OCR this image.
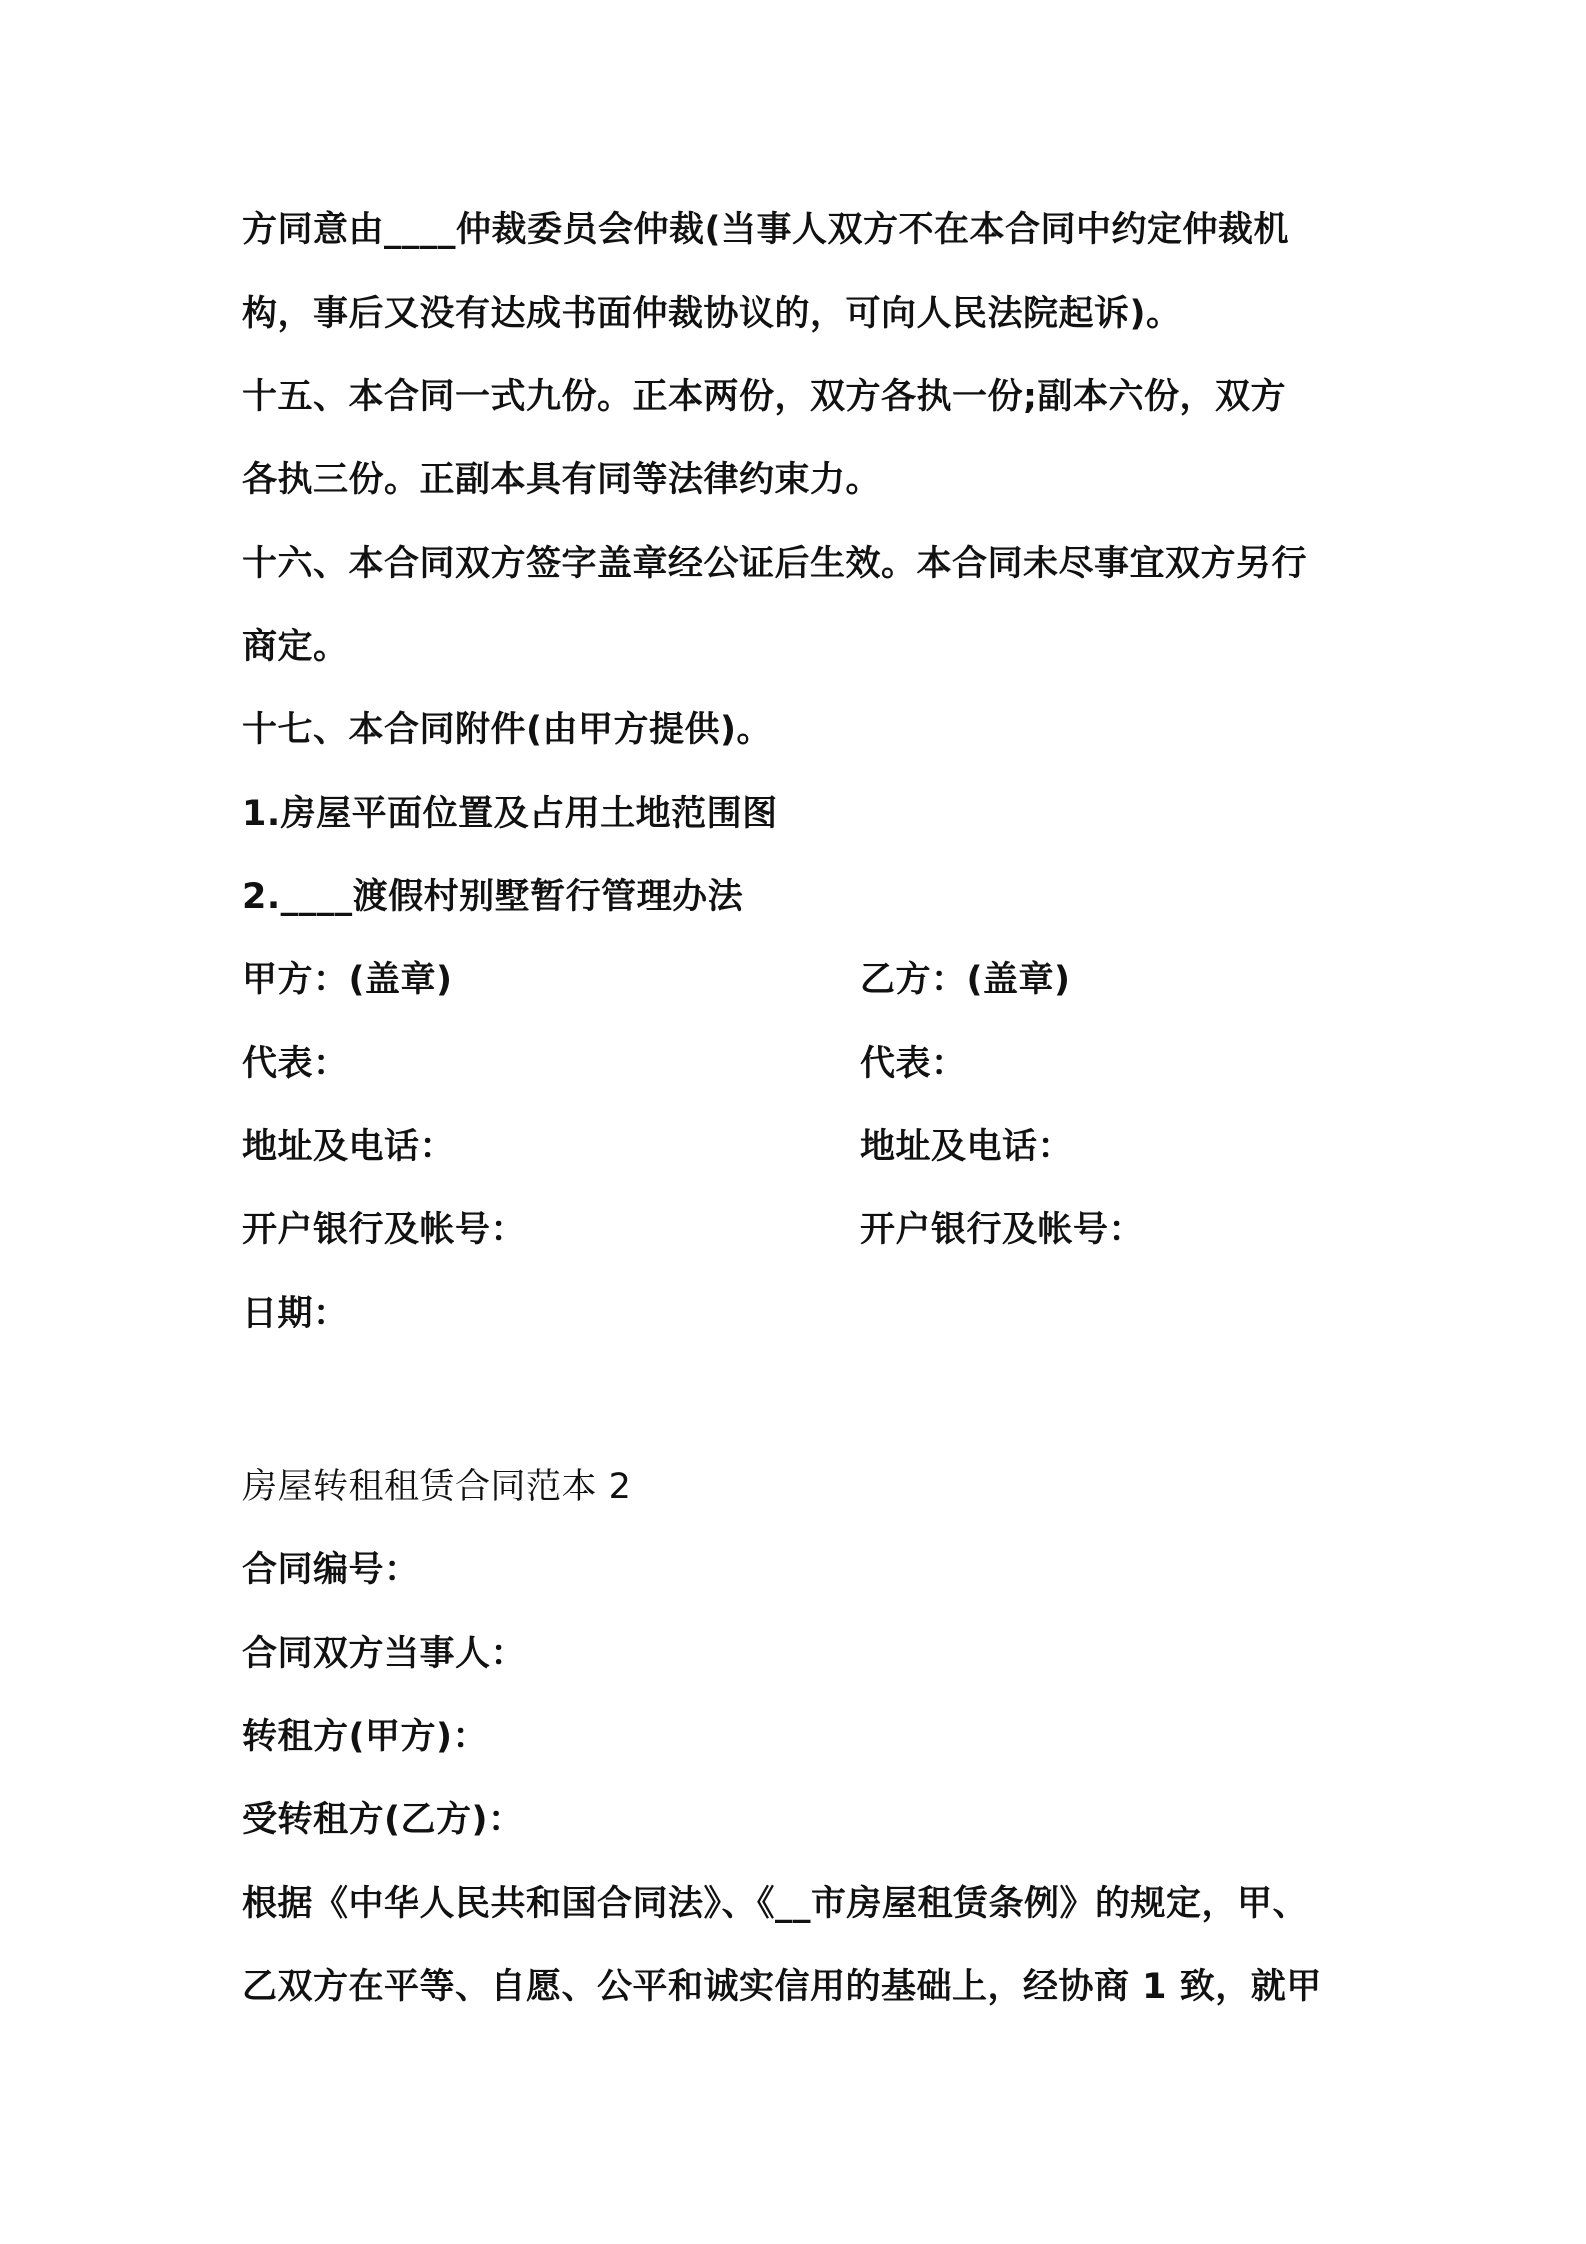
方同意由____仲裁委员会仲裁(当事人双方不在本合同中约定仲裁机
构，事后又没有达成书面仲裁协议的，可向人民法院起诉)。
十五、本合同一式九份。正本两份，双方各执一份;副本六份，双方
各执三份。正副本具有同等法律约束力。
十六、本合同双方签字盖章经公证后生效。本合同未尽事宜双方另行
商定。
十七、本合同附件(由甲方提供)。
1.房屋平面位置及占用土地范围图
2.____渡假村别墅暂行管理办法
甲方：(盖章)	乙方：(盖章)
代表：	代表：
地址及电话：	地址及电话：
开户银行及帐号：	开户银行及帐号：
日期：
房屋转租租赁合同范本 2
合同编号：
合同双方当事人：
转租方(甲方)：
受转租方(乙方)：
根据《中华人民共和国合同法》、《__市房屋租赁条例》的规定，甲、
乙双方在平等、自愿、公平和诚实信用的基础上，经协商 1 致，就甲
